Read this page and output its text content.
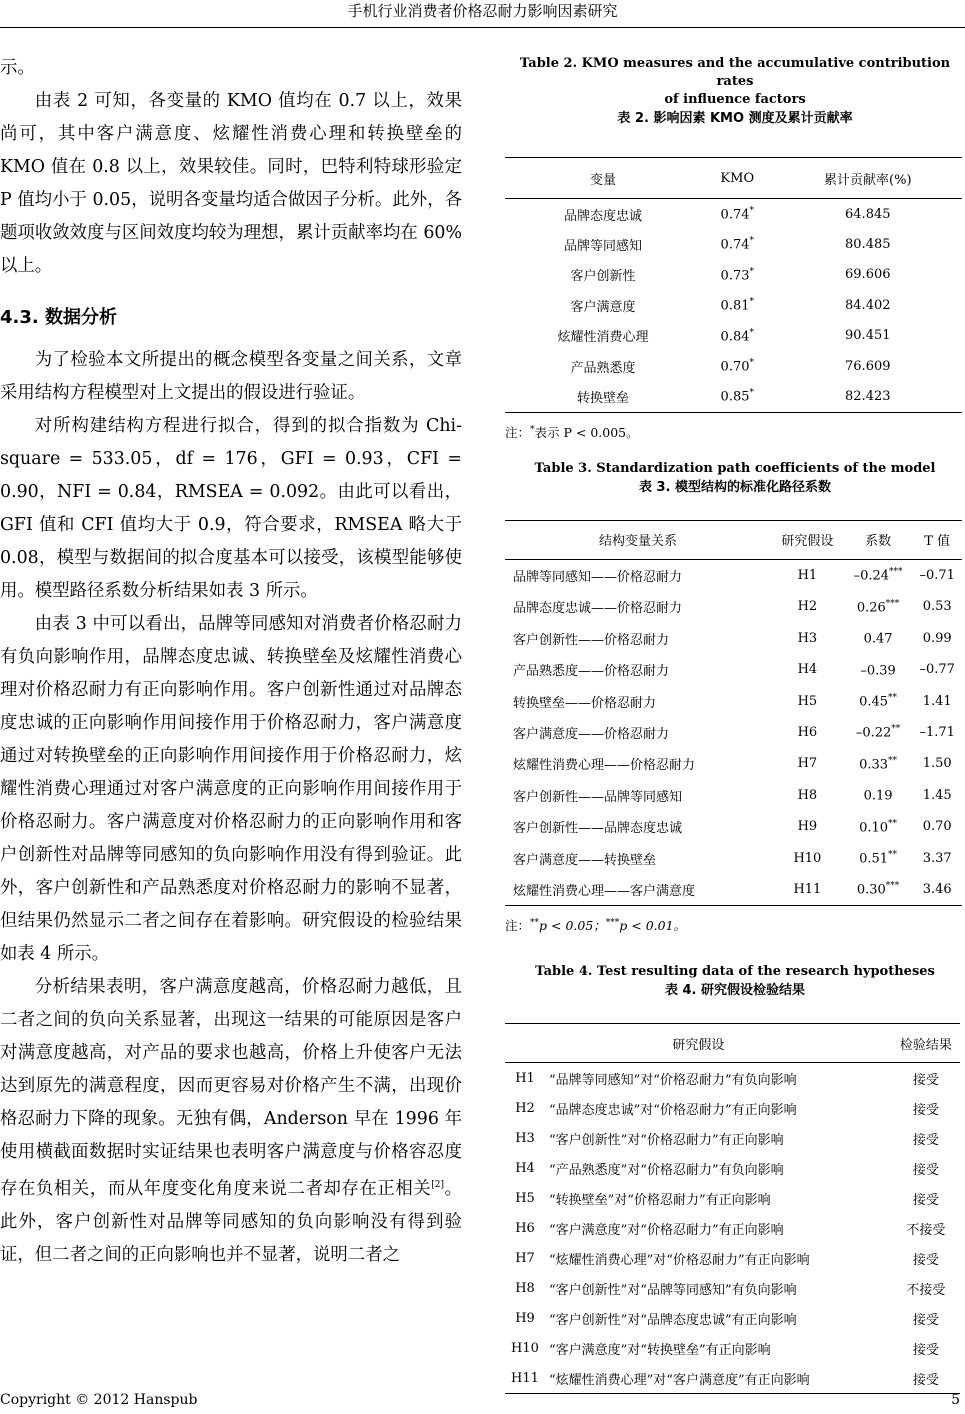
手机行业消费者价格忍耐力影响因素研究

示。

由表 2 可知，各变量的 KMO 值均在 0.7 以上，效果尚可，其中客户满意度、炫耀性消费心理和转换壁垒的 KMO 值在 0.8 以上，效果较佳。同时，巴特利特球形验定 P 值均小于 0.05，说明各变量均适合做因子分析。此外，各题项收敛效度与区间效度均较为理想，累计贡献率均在 60%以上。

4.3. 数据分析

为了检验本文所提出的概念模型各变量之间关系，文章采用结构方程模型对上文提出的假设进行验证。

对所构建结构方程进行拟合，得到的拟合指数为 Chi-square = 533.05，df = 176，GFI = 0.93，CFI = 0.90，NFI = 0.84，RMSEA = 0.092。由此可以看出，GFI 值和 CFI 值均大于 0.9，符合要求，RMSEA 略大于 0.08，模型与数据间的拟合度基本可以接受，该模型能够使用。模型路径系数分析结果如表 3 所示。

由表 3 中可以看出，品牌等同感知对消费者价格忍耐力有负向影响作用，品牌态度忠诚、转换壁垒及炫耀性消费心理对价格忍耐力有正向影响作用。客户创新性通过对品牌态度忠诚的正向影响作用间接作用于价格忍耐力，客户满意度通过对转换壁垒的正向影响作用间接作用于价格忍耐力，炫耀性消费心理通过对客户满意度的正向影响作用间接作用于价格忍耐力。客户满意度对价格忍耐力的正向影响作用和客户创新性对品牌等同感知的负向影响作用没有得到验证。此外，客户创新性和产品熟悉度对价格忍耐力的影响不显著，但结果仍然显示二者之间存在着影响。研究假设的检验结果如表 4 所示。

分析结果表明，客户满意度越高，价格忍耐力越低，且二者之间的负向关系显著，出现这一结果的可能原因是客户对满意度越高，对产品的要求也越高，价格上升使客户无法达到原先的满意程度，因而更容易对价格产生不满，出现价格忍耐力下降的现象。无独有偶，Anderson 早在 1996 年使用横截面数据时实证结果也表明客户满意度与价格容忍度存在负相关，而从年度变化角度来说二者却存在正相关[2]。此外，客户创新性对品牌等同感知的负向影响没有得到验证，但二者之间的正向影响也并不显著，说明二者之

Table 2. KMO measures and the accumulative contribution rates
of influence factors
表 2. 影响因素 KMO 测度及累计贡献率
变量	KMO	累计贡献率(%)
品牌态度忠诚	0.74*	64.845
品牌等同感知	0.74*	80.485
客户创新性	0.73*	69.606
客户满意度	0.81*	84.402
炫耀性消费心理	0.84*	90.451
产品熟悉度	0.70*	76.609
转换壁垒	0.85*	82.423
注：*表示 P < 0.005。
Table 3. Standardization path coefficients of the model
表 3. 模型结构的标准化路径系数
结构变量关系	研究假设	系数	T 值
品牌等同感知——价格忍耐力	H1	–0.24***	–0.71
品牌态度忠诚——价格忍耐力	H2	0.26***	0.53
客户创新性——价格忍耐力	H3	0.47	0.99
产品熟悉度——价格忍耐力	H4	–0.39	–0.77
转换壁垒——价格忍耐力	H5	0.45**	1.41
客户满意度——价格忍耐力	H6	–0.22**	–1.71
炫耀性消费心理——价格忍耐力	H7	0.33**	1.50
客户创新性——品牌等同感知	H8	0.19	1.45
客户创新性——品牌态度忠诚	H9	0.10**	0.70
客户满意度——转换壁垒	H10	0.51**	3.37
炫耀性消费心理——客户满意度	H11	0.30***	3.46
注：**p < 0.05；***p < 0.01。
Table 4. Test resulting data of the research hypotheses
表 4. 研究假设检验结果
研究假设		检验结果
H1	“品牌等同感知”对“价格忍耐力”有负向影响	接受
H2	“品牌态度忠诚”对“价格忍耐力”有正向影响	接受
H3	“客户创新性”对“价格忍耐力”有正向影响	接受
H4	“产品熟悉度”对“价格忍耐力”有负向影响	接受
H5	“转换壁垒”对“价格忍耐力”有正向影响	接受
H6	“客户满意度”对“价格忍耐力”有正向影响	不接受
H7	“炫耀性消费心理”对“价格忍耐力”有正向影响	接受
H8	“客户创新性”对“品牌等同感知”有负向影响	不接受
H9	“客户创新性”对“品牌态度忠诚”有正向影响	接受
H10	“客户满意度”对“转换壁垒”有正向影响	接受
H11	“炫耀性消费心理”对“客户满意度”有正向影响	接受
Copyright © 2012 Hanspub	5
